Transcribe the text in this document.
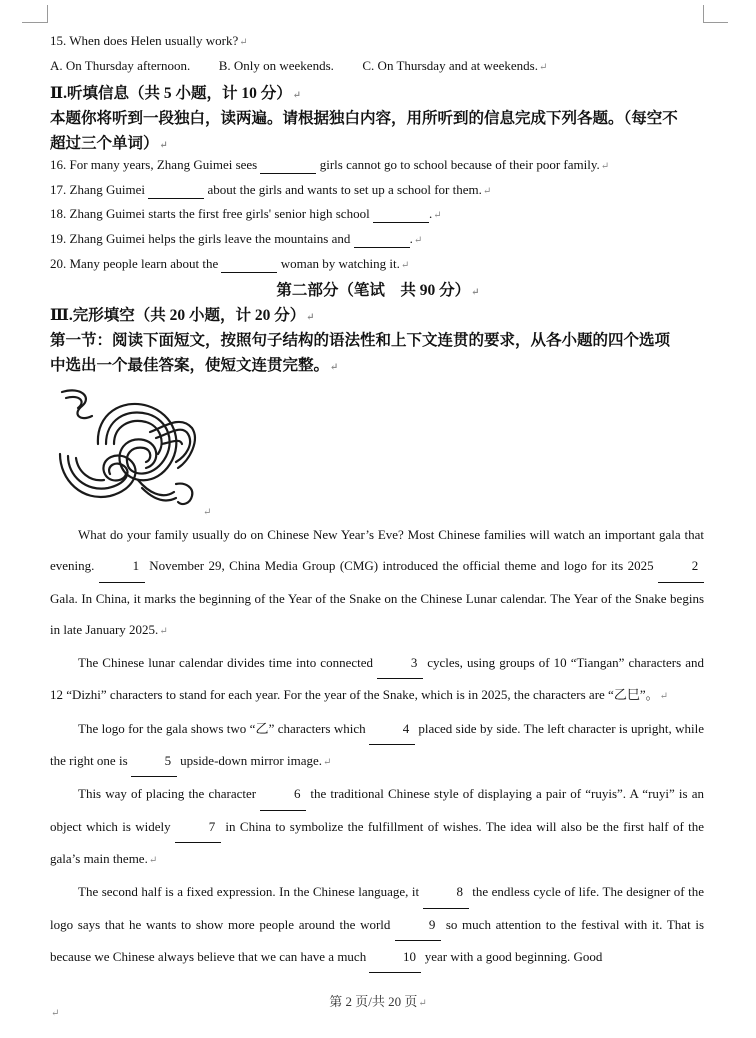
15. When does Helen usually work?↵
A. On Thursday afternoon. B. Only on weekends. C. On Thursday and at weekends.↵
Ⅱ.听填信息（共 5 小题，计 10 分）↵
本题你将听到一段独白，读两遍。请根据独白内容，用所听到的信息完成下列各题。（每空不
超过三个单词）↵
16. For many years, Zhang Guimei sees	girls cannot go to school because of their poor family.↵
17. Zhang Guimei	about the girls and wants to set up a school for them.↵
18. Zhang Guimei starts the first free girls' senior high school	.↵
19. Zhang Guimei helps the girls leave the mountains and	.↵
20. Many people learn about the	woman by watching it.↵
第二部分（笔试　共 90 分）↵
Ⅲ.完形填空（共 20 小题，计 20 分）↵
第一节：阅读下面短文，按照句子结构的语法性和上下文连贯的要求，从各小题的四个选项
中选出一个最佳答案，使短文连贯完整。↵
↵

What do your family usually do on Chinese New Year’s Eve? Most Chinese families will watch an important gala that evening.	1 November 29, China Media Group (CMG) introduced the official theme and logo for its 2025	2 Gala. In China, it marks the beginning of the Year of the Snake on the Chinese Lunar calendar. The Year of the Snake begins in late January 2025.↵

The Chinese lunar calendar divides time into connected	3 cycles, using groups of 10 “Tiangan” characters and 12 “Dizhi” characters to stand for each year. For the year of the Snake, which is in 2025, the characters are “乙巳”。↵

The logo for the gala shows two “乙” characters which	4 placed side by side. The left character is upright, while the right one is	5 upside-down mirror image.↵

This way of placing the character	6 the traditional Chinese style of displaying a pair of “ruyis”. A “ruyi” is an object which is widely	7 in China to symbolize the fulfillment of wishes. The idea will also be the first half of the gala’s main theme.↵

The second half is a fixed expression. In the Chinese language, it	8 the endless cycle of life. The designer of the logo says that he wants to show more people around the world	9 so much attention to the festival with it. That is because we Chinese always believe that we can have a much	10 year with a good beginning. Good

第 2 页/共 20 页↵
↵
